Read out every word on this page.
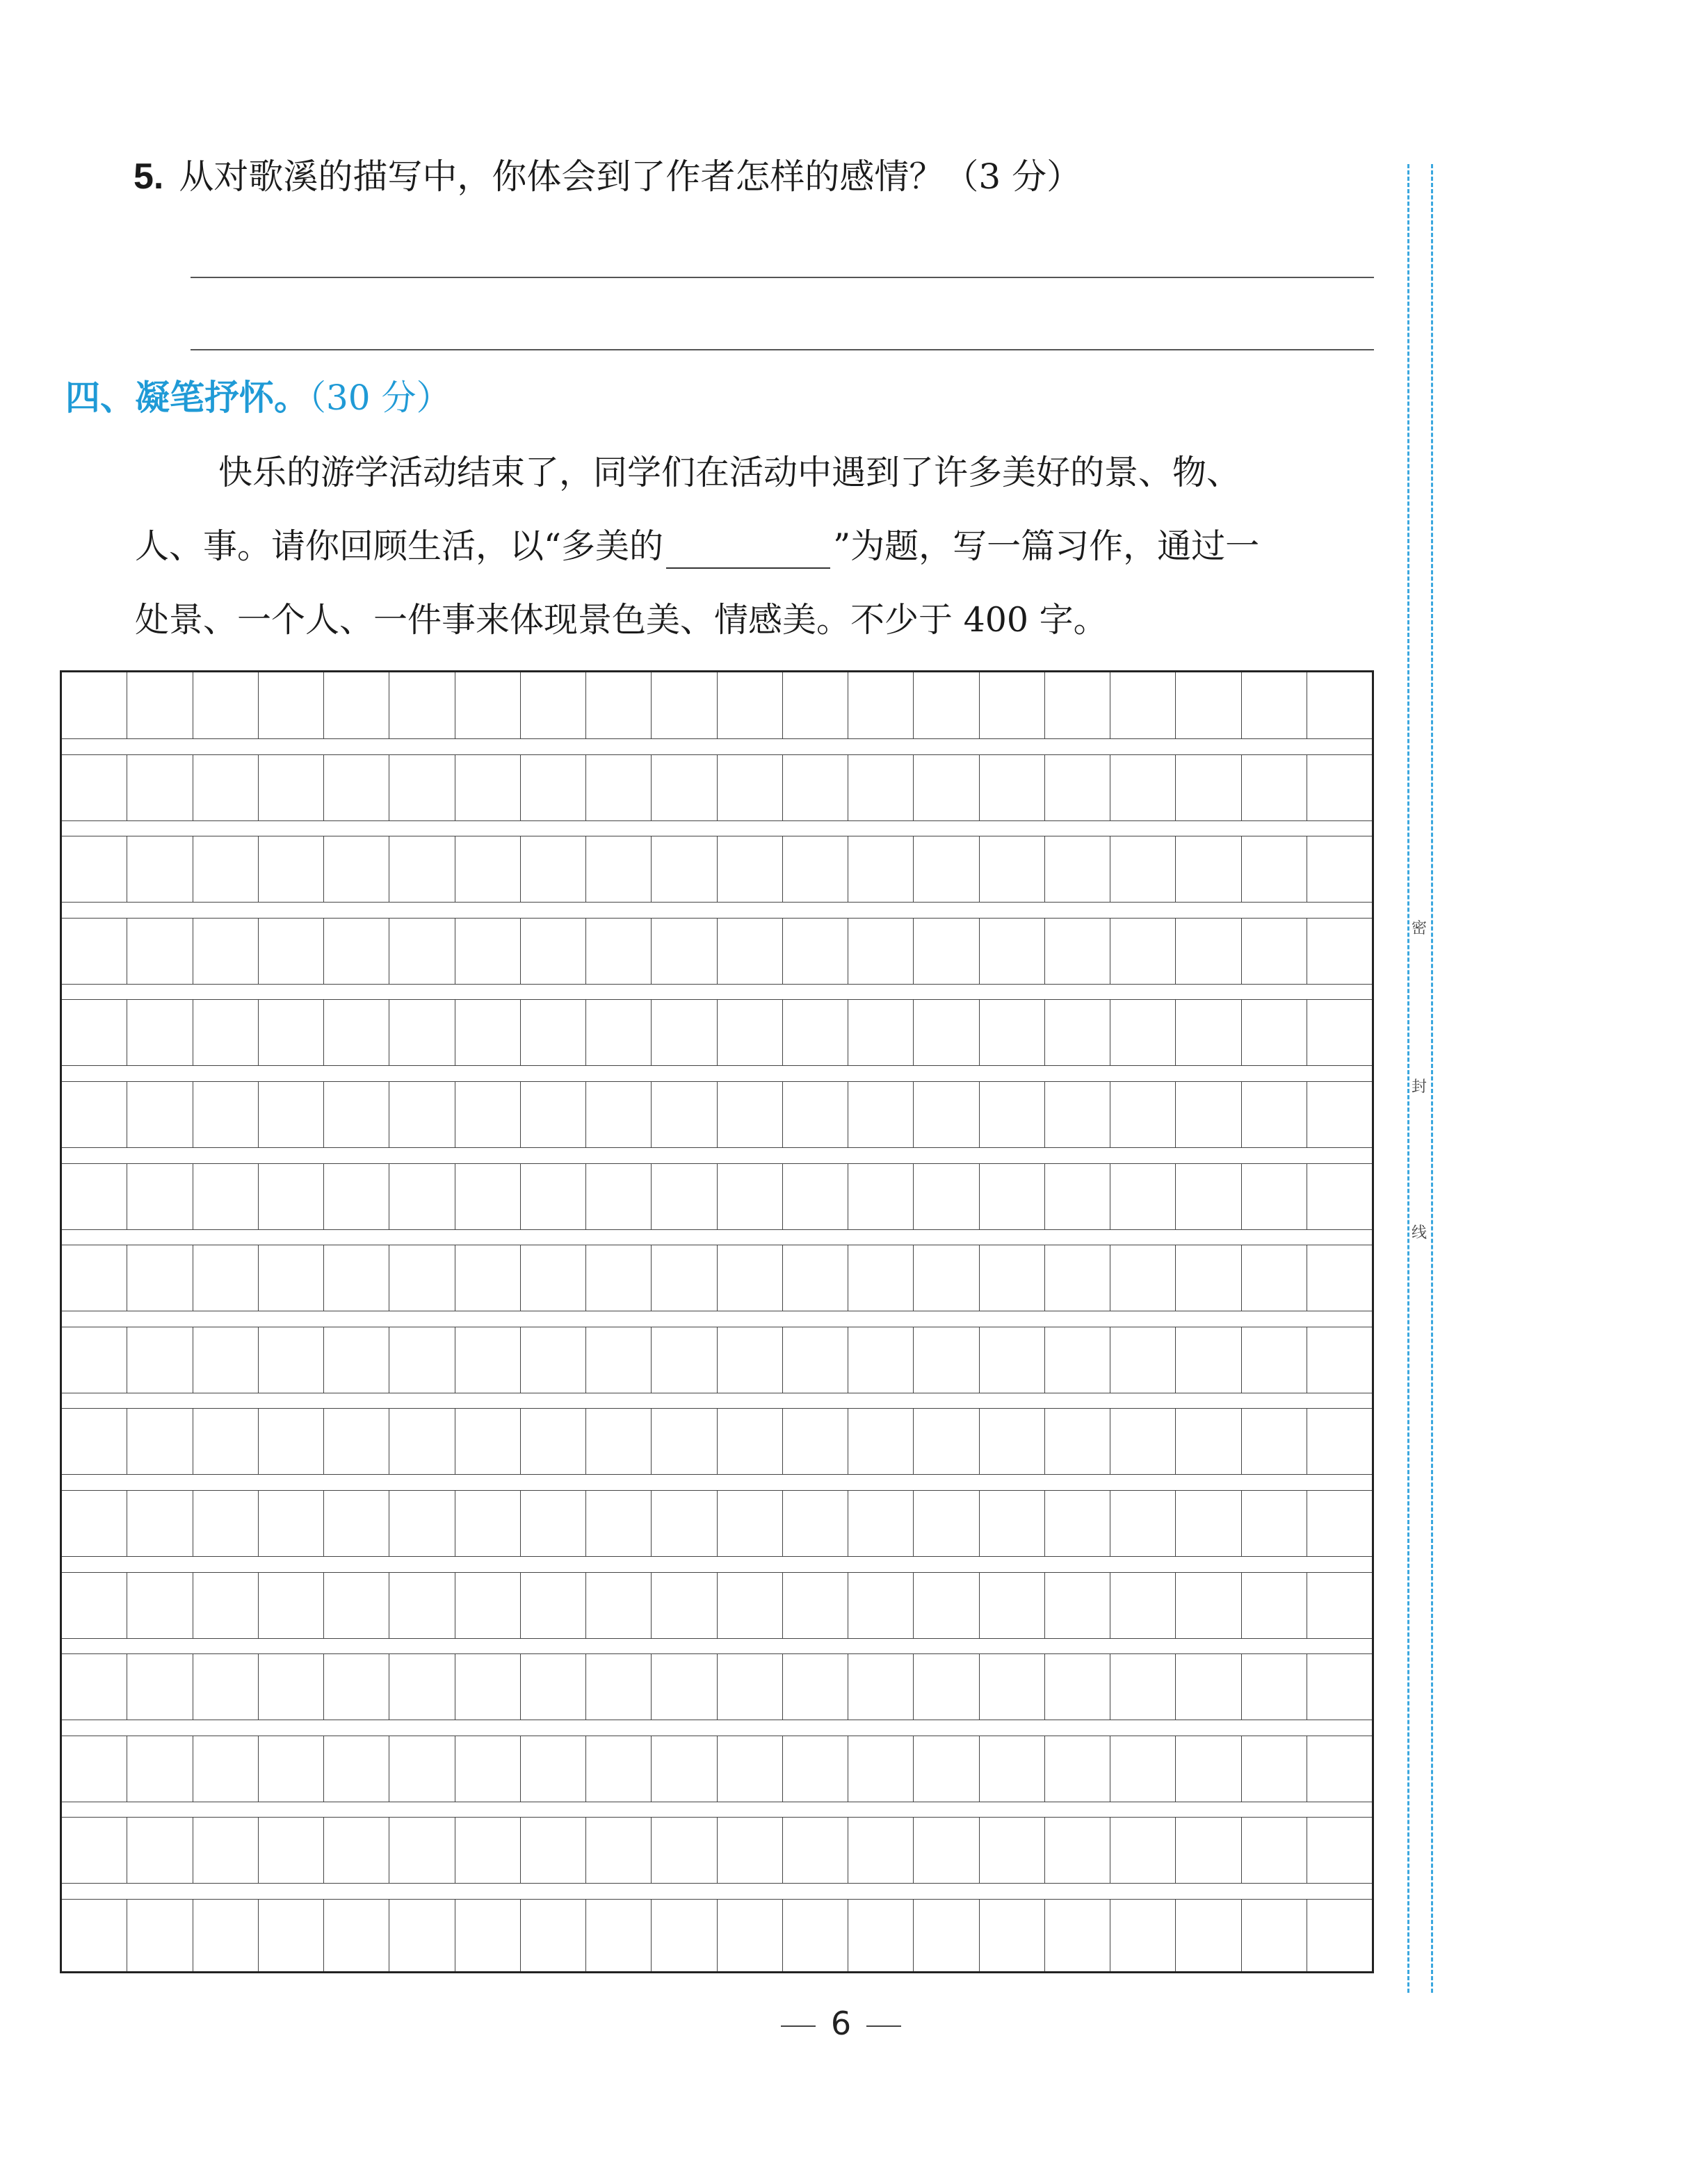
5. 从对歌溪的描写中，你体会到了作者怎样的感情？（3 分）
四、凝笔抒怀。（30 分）
快乐的游学活动结束了，同学们在活动中遇到了许多美好的景、物、
人、事。请你回顾生活，以“多美的	”为题，写一篇习作，通过一
处景、一个人、一件事来体现景色美、情感美。不少于 400 字。
密
封
线
6
